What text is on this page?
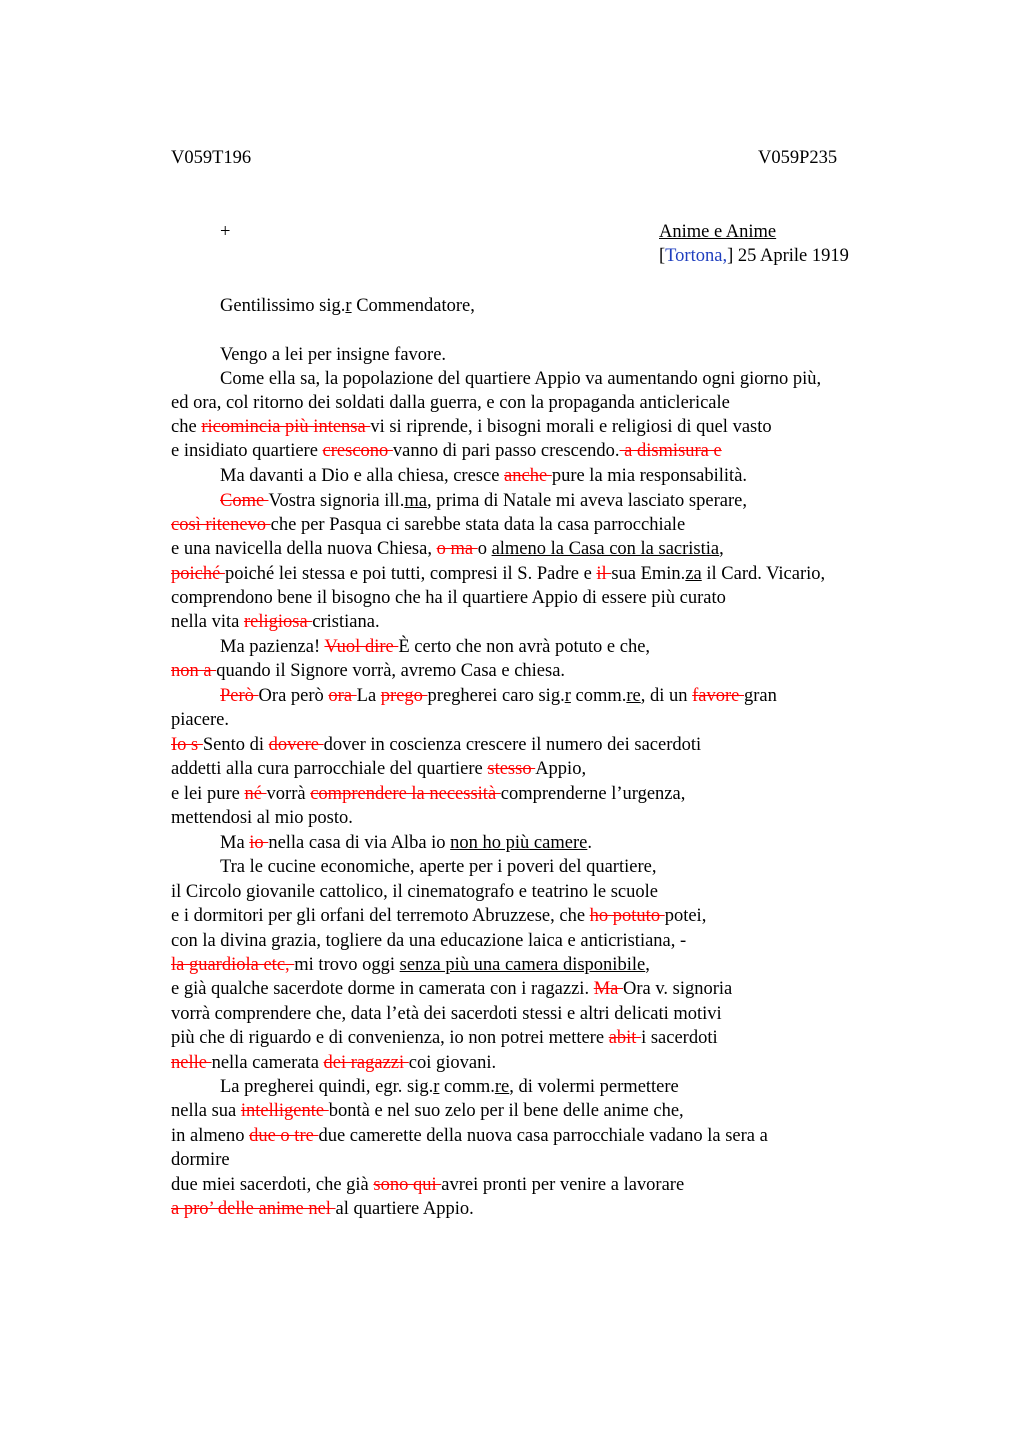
V059T196	V059P235
+	Anime e Anime
[Tortona,] 25 Aprile 1919
Gentilissimo sig.r Commendatore,
Vengo a lei per insigne favore.
Come ella sa, la popolazione del quartiere Appio va aumentando ogni giorno più,
ed ora, col ritorno dei soldati dalla guerra, e con la propaganda anticlericale
che ricomincia più intensa vi si riprende, i bisogni morali e religiosi di quel vasto
e insidiato quartiere crescono vanno di pari passo crescendo. a dismisura e
Ma davanti a Dio e alla chiesa, cresce anche pure la mia responsabilità.
Come Vostra signoria ill.ma, prima di Natale mi aveva lasciato sperare,
così ritenevo che per Pasqua ci sarebbe stata data la casa parrocchiale
e una navicella della nuova Chiesa, o ma o almeno la Casa con la sacristia,
poiché poiché lei stessa e poi tutti, compresi il S. Padre e il sua Emin.za il Card. Vicario,
comprendono bene il bisogno che ha il quartiere Appio di essere più curato
nella vita religiosa cristiana.
Ma pazienza! Vuol dire È certo che non avrà potuto e che,
non a quando il Signore vorrà, avremo Casa e chiesa.
Però Ora però ora La prego pregherei caro sig.r comm.re, di un favore gran
piacere.
Io s Sento di dovere dover in coscienza crescere il numero dei sacerdoti
addetti alla cura parrocchiale del quartiere stesso Appio,
e lei pure né vorrà comprendere la necessità comprenderne l’urgenza,
mettendosi al mio posto.
Ma io nella casa di via Alba io non ho più camere.
Tra le cucine economiche, aperte per i poveri del quartiere,
il Circolo giovanile cattolico, il cinematografo e teatrino le scuole
e i dormitori per gli orfani del terremoto Abruzzese, che ho potuto potei,
con la divina grazia, togliere da una educazione laica e anticristiana, -
la guardiola etc, mi trovo oggi senza più una camera disponibile,
e già qualche sacerdote dorme in camerata con i ragazzi. Ma Ora v. signoria
vorrà comprendere che, data l’età dei sacerdoti stessi e altri delicati motivi
più che di riguardo e di convenienza, io non potrei mettere abit i sacerdoti
nelle nella camerata dei ragazzi coi giovani.
La pregherei quindi, egr. sig.r comm.re, di volermi permettere
nella sua intelligente bontà e nel suo zelo per il bene delle anime che,
in almeno due o tre due camerette della nuova casa parrocchiale vadano la sera a
dormire
due miei sacerdoti, che già sono qui avrei pronti per venire a lavorare
a pro’ delle anime nel al quartiere Appio.
